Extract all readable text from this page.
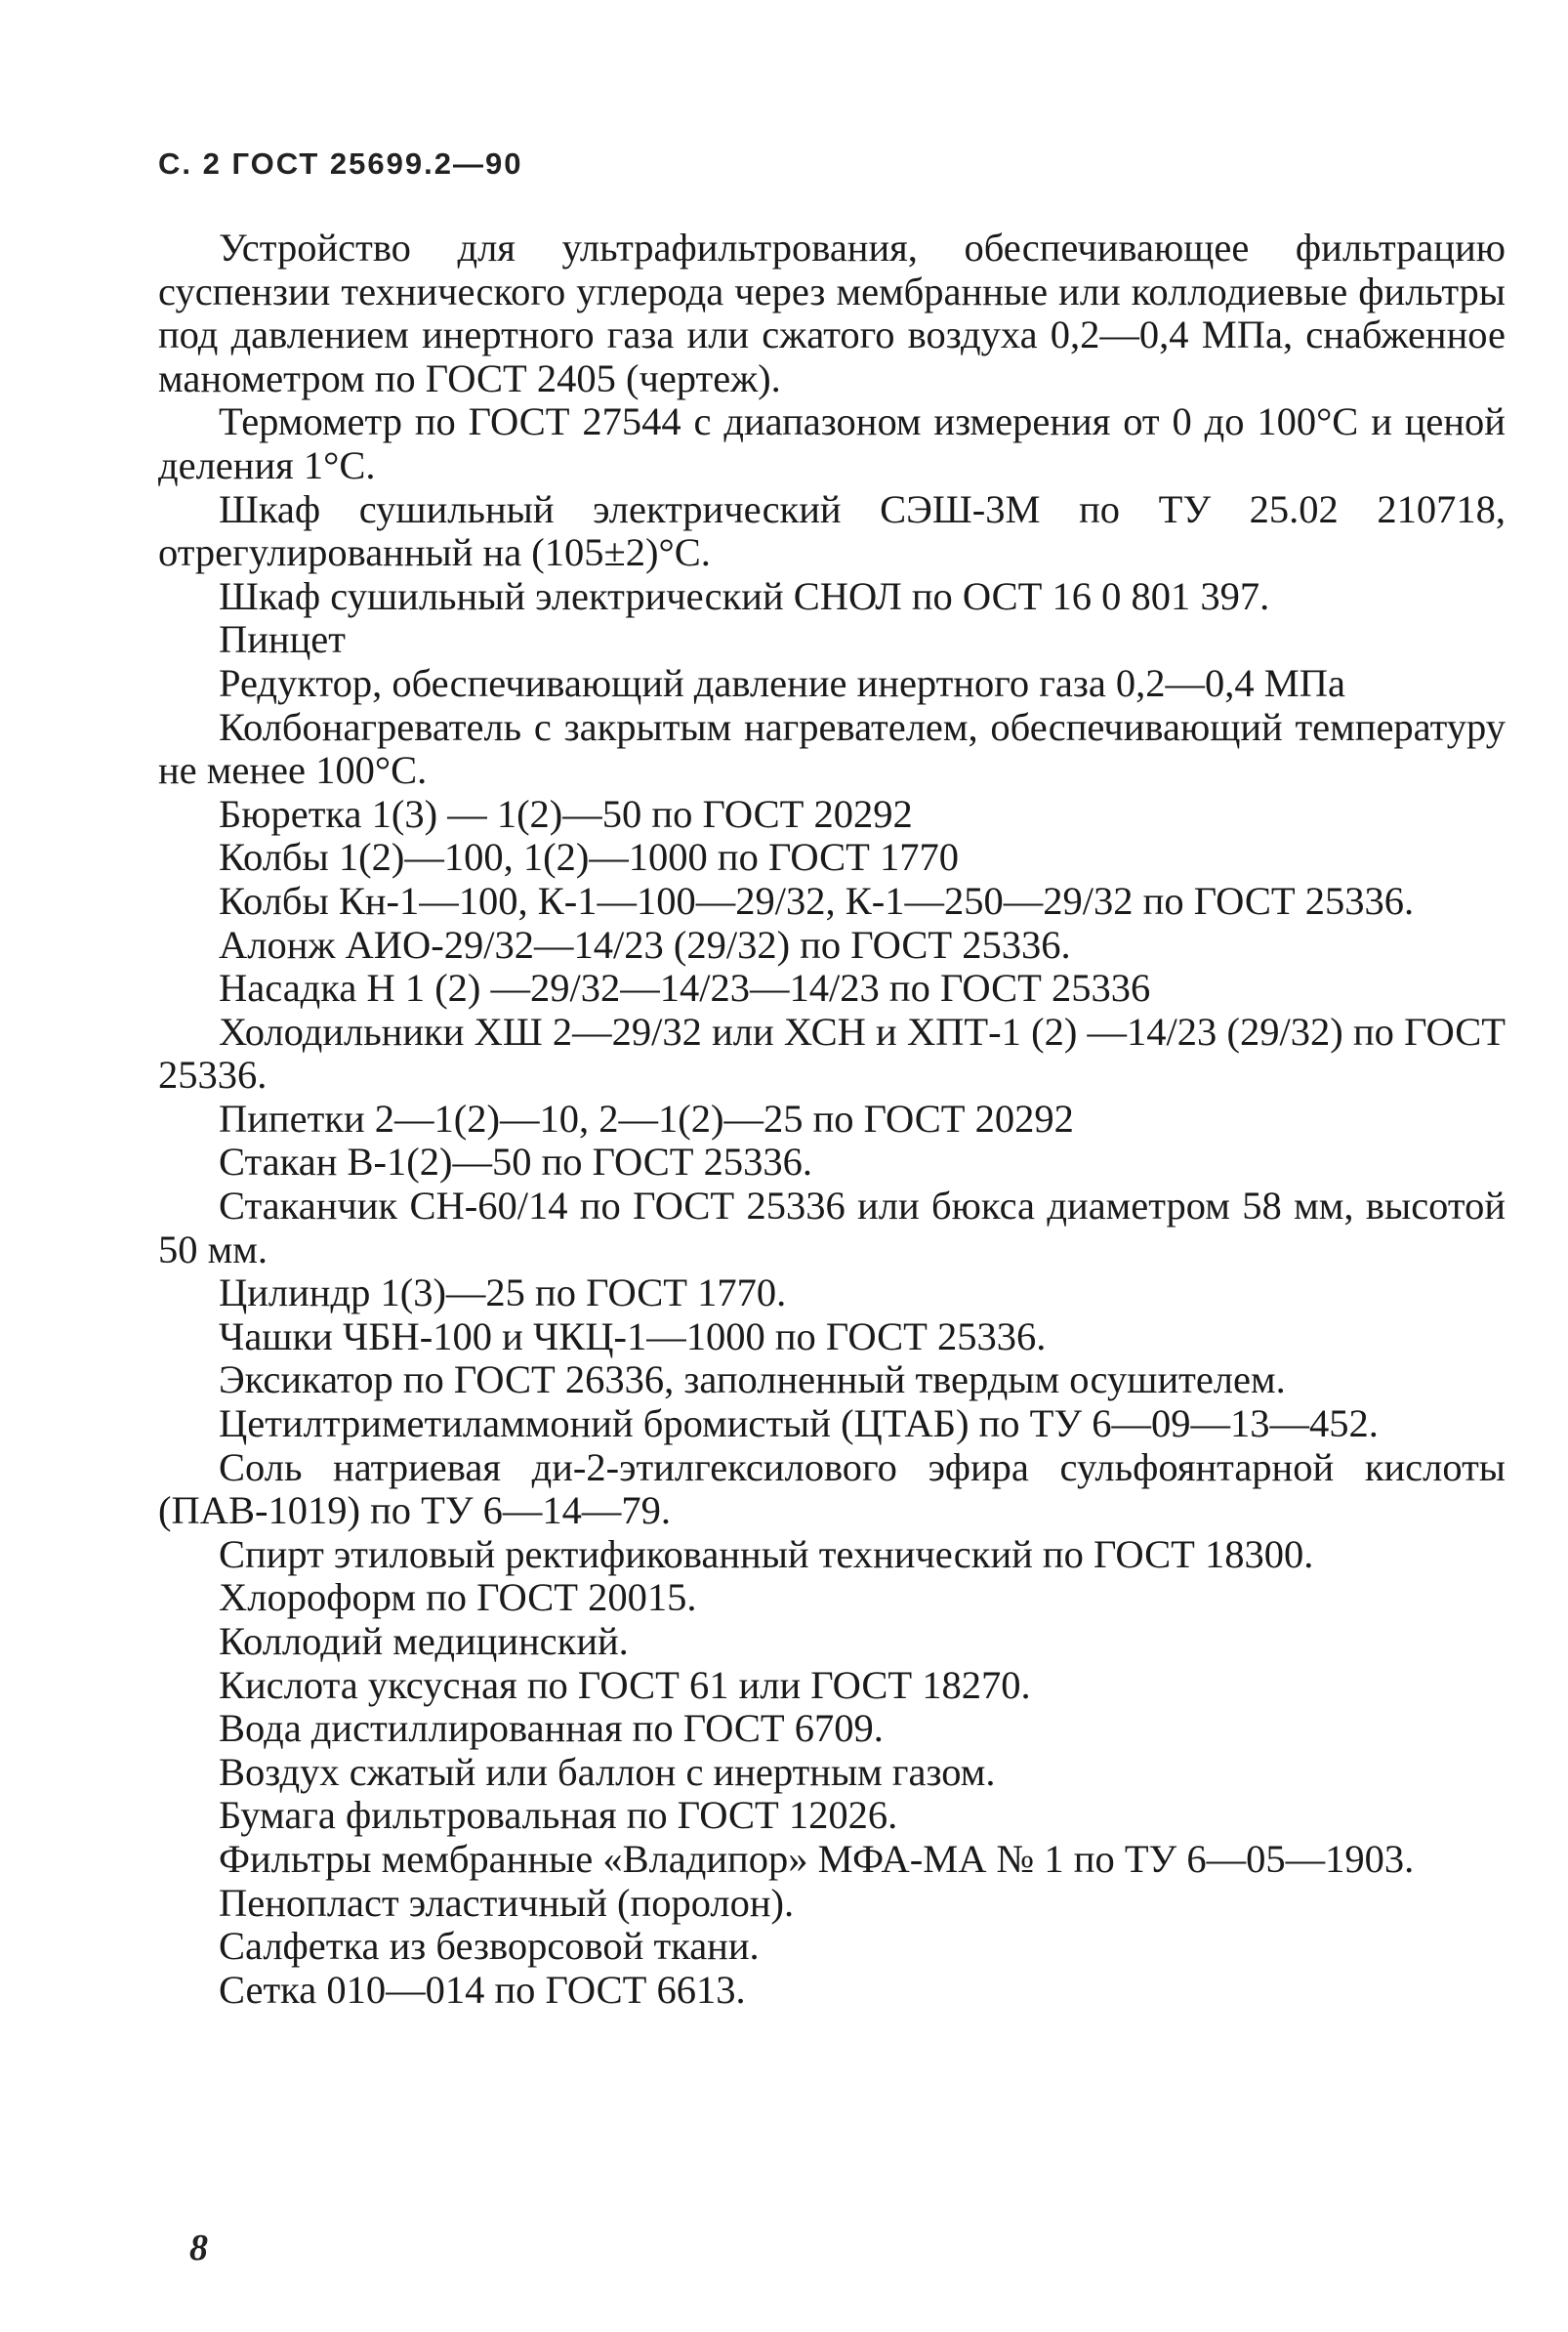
С. 2 ГОСТ 25699.2—90

Устройство для ультрафильтрования, обеспечивающее фильтрацию суспензии технического углерода через мембранные или коллодиевые фильтры под давлением инертного газа или сжатого воздуха 0,2—0,4 МПа, снабженное манометром по ГОСТ 2405 (чертеж).

Термометр по ГОСТ 27544 с диапазоном измерения от 0 до 100°С и ценой деления 1°С.

Шкаф сушильный электрический СЭШ-3М по ТУ 25.02 210718, отрегулированный на (105±2)°С.

Шкаф сушильный электрический СНОЛ по ОСТ 16 0 801 397.

Пинцет

Редуктор, обеспечивающий давление инертного газа 0,2—0,4 МПа

Колбонагреватель с закрытым нагревателем, обеспечивающий температуру не менее 100°С.

Бюретка 1(3) — 1(2)—50 по ГОСТ 20292

Колбы 1(2)—100, 1(2)—1000 по ГОСТ 1770

Колбы Кн-1—100, К-1—100—29/32, К-1—250—29/32 по ГОСТ 25336.

Алонж АИО-29/32—14/23 (29/32) по ГОСТ 25336.

Насадка Н 1 (2) —29/32—14/23—14/23 по ГОСТ 25336

Холодильники ХШ 2—29/32 или ХСН и ХПТ-1 (2) —14/23 (29/32) по ГОСТ 25336.

Пипетки 2—1(2)—10, 2—1(2)—25 по ГОСТ 20292

Стакан В-1(2)—50 по ГОСТ 25336.

Стаканчик СН-60/14 по ГОСТ 25336 или бюкса диаметром 58 мм, высотой 50 мм.

Цилиндр 1(3)—25 по ГОСТ 1770.

Чашки ЧБН-100 и ЧКЦ-1—1000 по ГОСТ 25336.

Эксикатор по ГОСТ 26336, заполненный твердым осушителем.

Цетилтриметиламмоний бромистый (ЦТАБ) по ТУ 6—09—13—452.

Соль натриевая ди-2-этилгексилового эфира сульфоянтарной кислоты (ПАВ-1019) по ТУ 6—14—79.

Спирт этиловый ректификованный технический по ГОСТ 18300.

Хлороформ по ГОСТ 20015.

Коллодий медицинский.

Кислота уксусная по ГОСТ 61 или ГОСТ 18270.

Вода дистиллированная по ГОСТ 6709.

Воздух сжатый или баллон с инертным газом.

Бумага фильтровальная по ГОСТ 12026.

Фильтры мембранные «Владипор» МФА-МА № 1 по ТУ 6—05—1903.

Пенопласт эластичный (поролон).

Салфетка из безворсовой ткани.

Сетка 010—014 по ГОСТ 6613.

8
